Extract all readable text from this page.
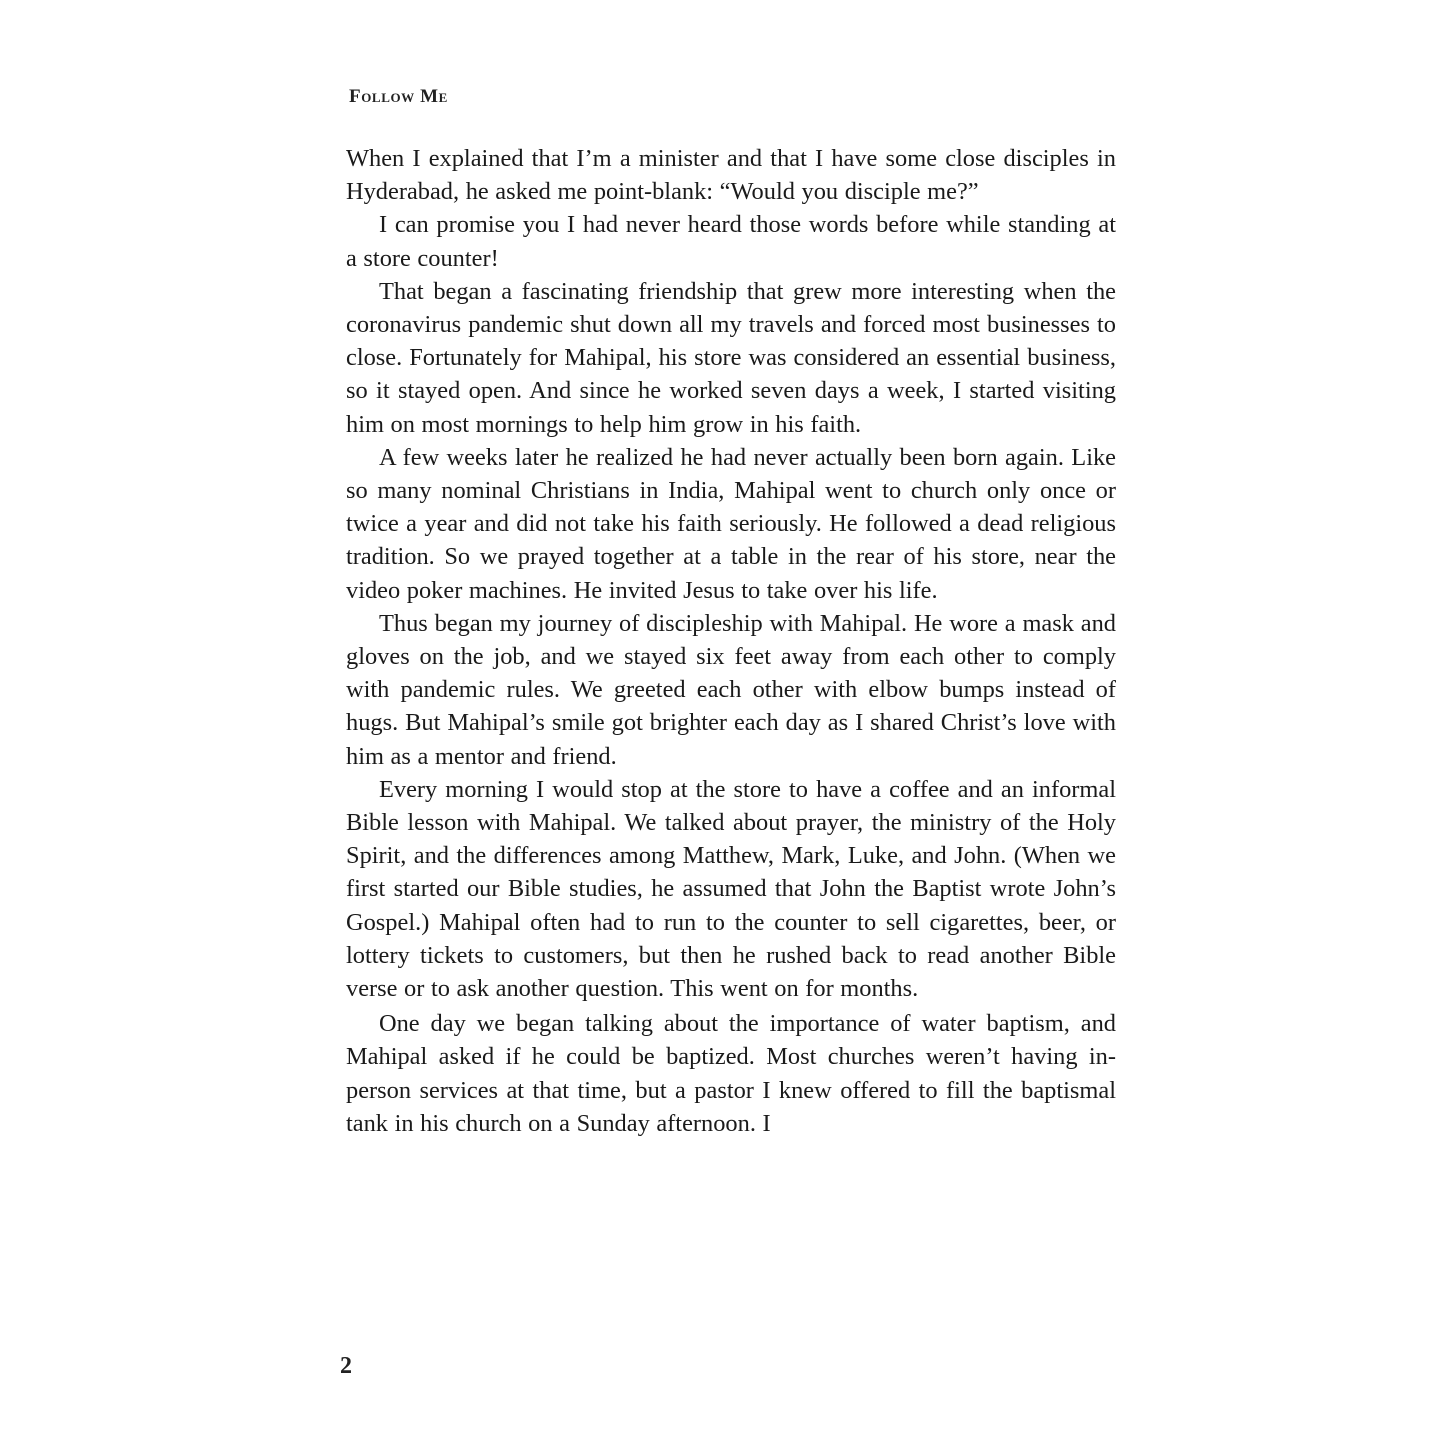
Follow Me

When I explained that I’m a minister and that I have some close disciples in Hyderabad, he asked me point-blank: “Would you disciple me?”

I can promise you I had never heard those words before while standing at a store counter!

That began a fascinating friendship that grew more interesting when the coronavirus pandemic shut down all my travels and forced most businesses to close. Fortunately for Mahipal, his store was considered an essential business, so it stayed open. And since he worked seven days a week, I started visiting him on most mornings to help him grow in his faith.

A few weeks later he realized he had never actually been born again. Like so many nominal Christians in India, Mahipal went to church only once or twice a year and did not take his faith seriously. He followed a dead religious tradition. So we prayed together at a table in the rear of his store, near the video poker machines. He invited Jesus to take over his life.

Thus began my journey of discipleship with Mahipal. He wore a mask and gloves on the job, and we stayed six feet away from each other to comply with pandemic rules. We greeted each other with elbow bumps instead of hugs. But Mahipal’s smile got brighter each day as I shared Christ’s love with him as a mentor and friend.

Every morning I would stop at the store to have a coffee and an informal Bible lesson with Mahipal. We talked about prayer, the ministry of the Holy Spirit, and the differences among Matthew, Mark, Luke, and John. (When we first started our Bible studies, he assumed that John the Baptist wrote John’s Gospel.) Mahipal often had to run to the counter to sell cigarettes, beer, or lottery tickets to customers, but then he rushed back to read another Bible verse or to ask another question. This went on for months.

One day we began talking about the importance of water baptism, and Mahipal asked if he could be baptized. Most churches weren’t having in-person services at that time, but a pastor I knew offered to fill the baptismal tank in his church on a Sunday afternoon. I

2
